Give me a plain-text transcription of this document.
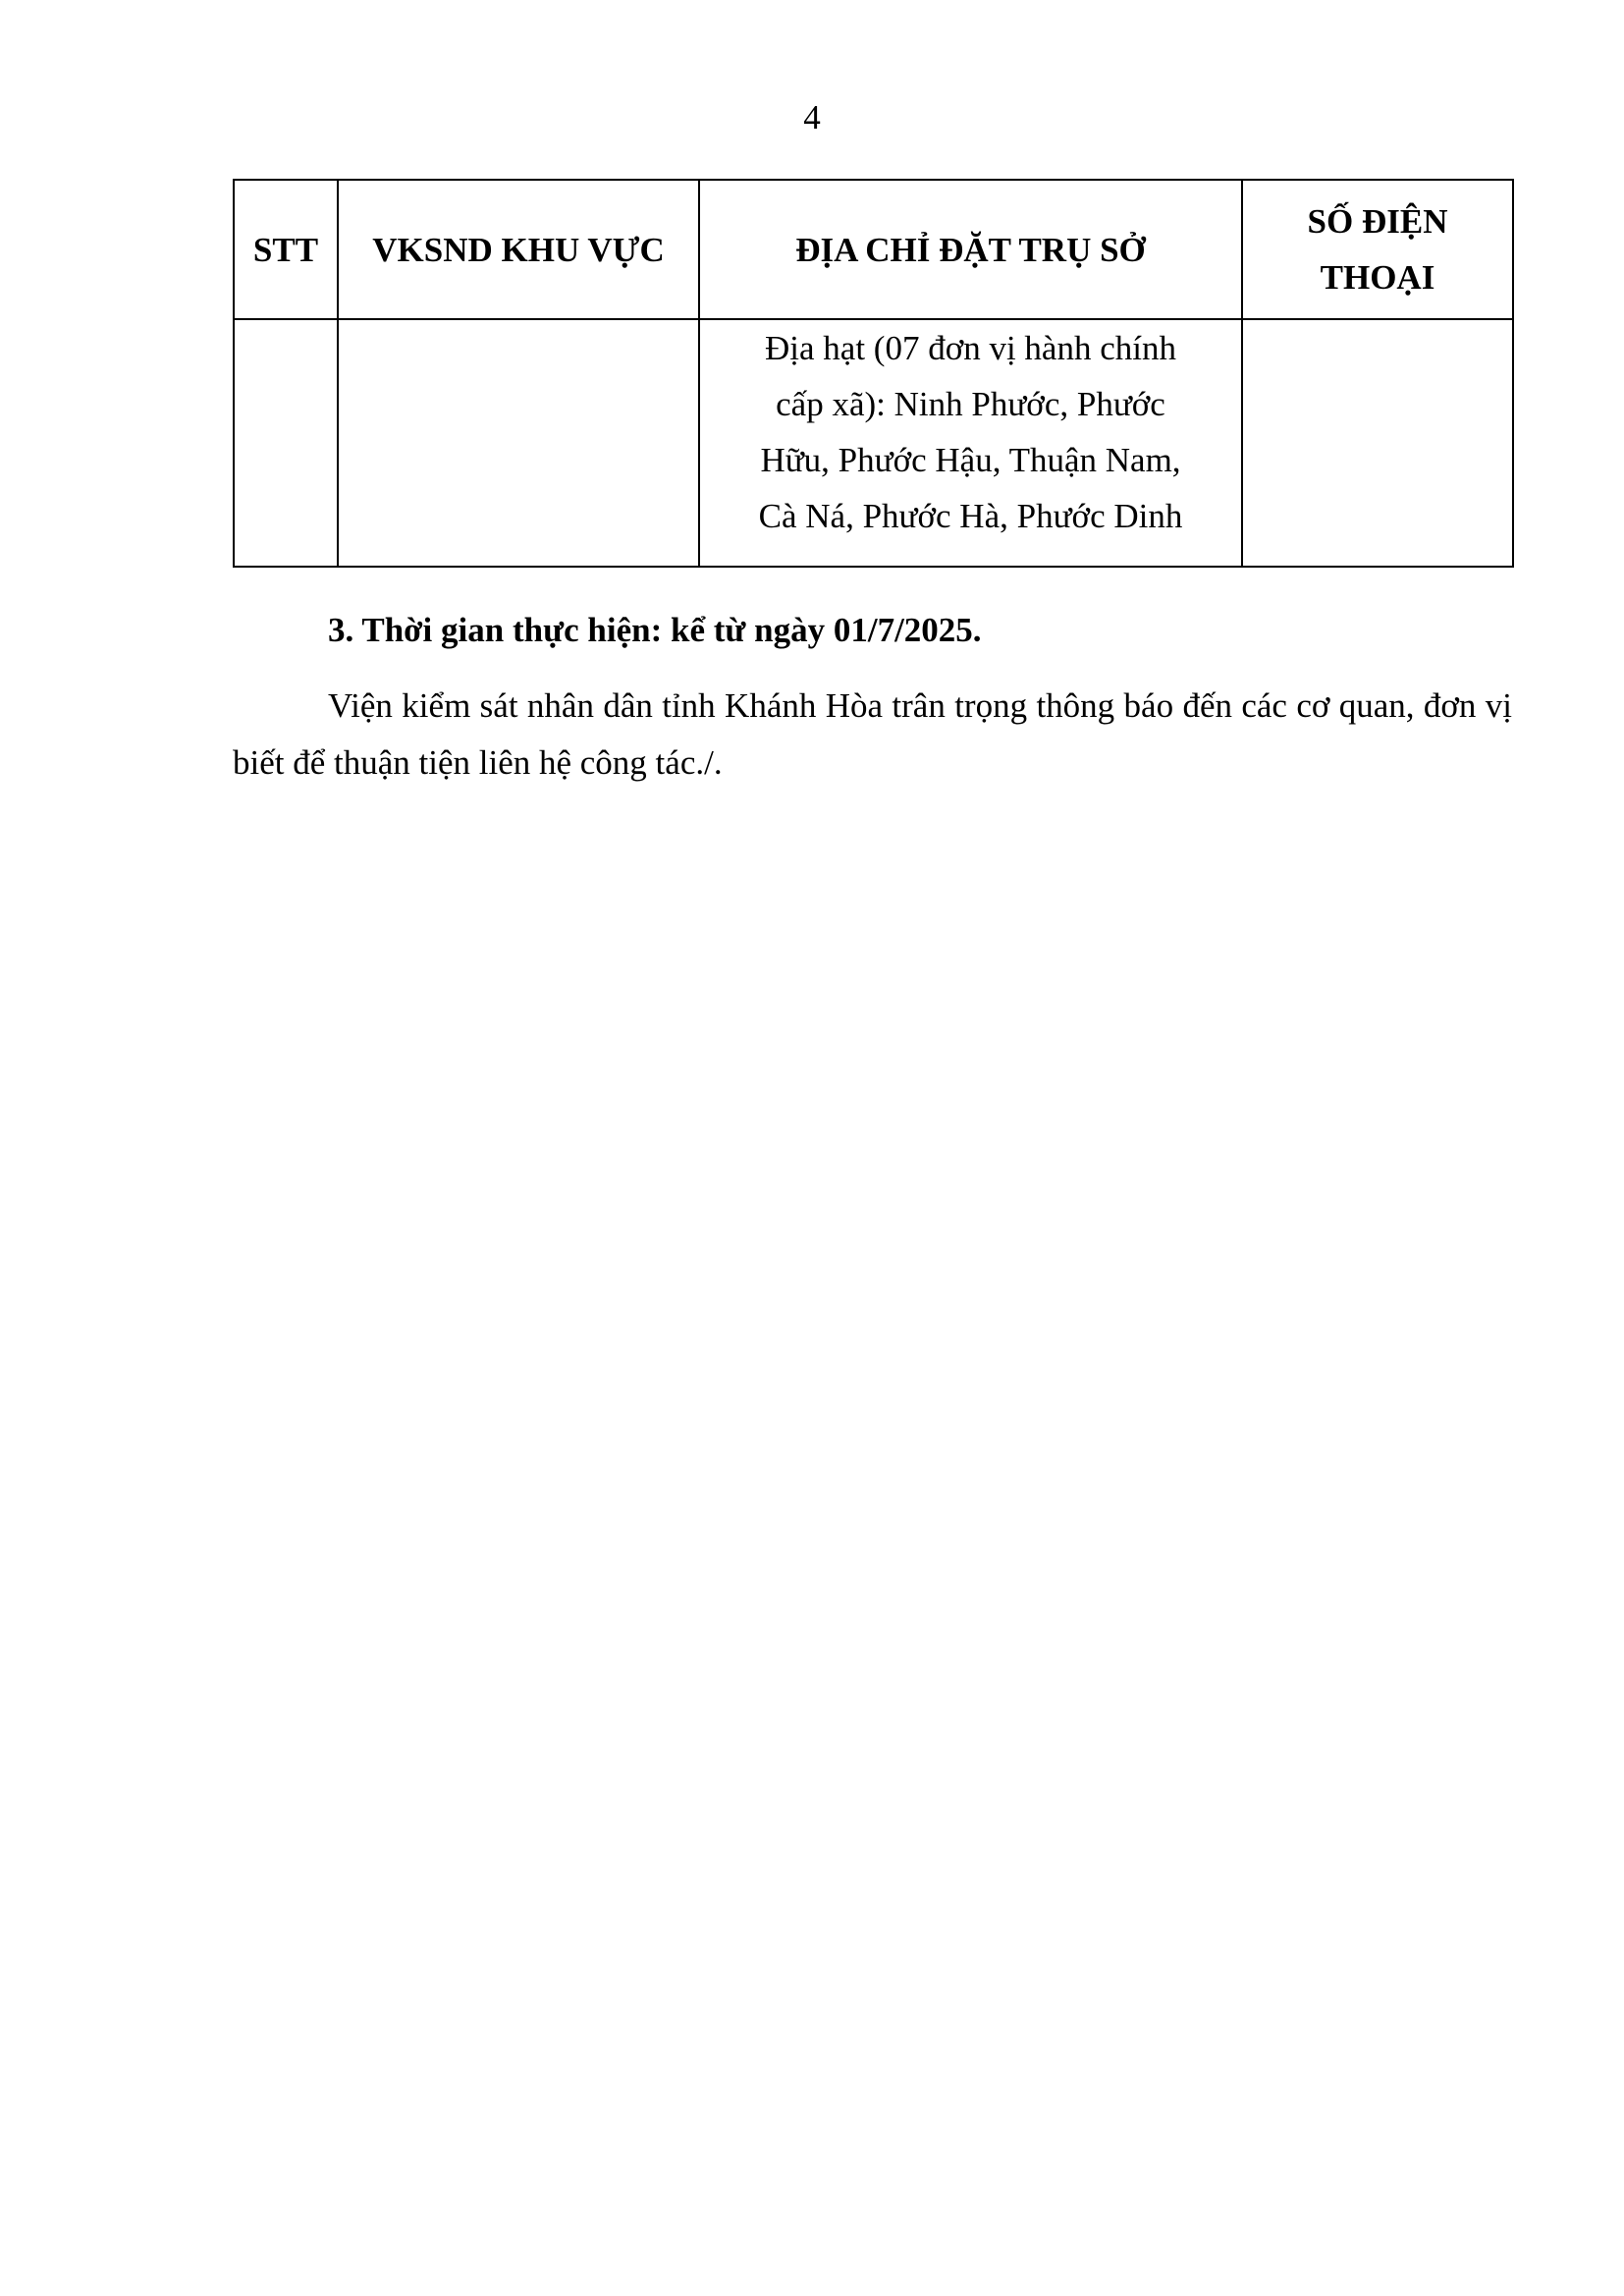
4
STT	VKSND KHU VỰC	ĐỊA CHỈ ĐẶT TRỤ SỞ	SỐ ĐIỆN
THOẠI
		Địa hạt (07 đơn vị hành chính
cấp xã): Ninh Phước, Phước
Hữu, Phước Hậu, Thuận Nam,
Cà Ná, Phước Hà, Phước Dinh	
3. Thời gian thực hiện: kể từ ngày 01/7/2025.
Viện kiểm sát nhân dân tỉnh Khánh Hòa trân trọng thông báo đến các cơ quan, đơn vị biết để thuận tiện liên hệ công tác./.
